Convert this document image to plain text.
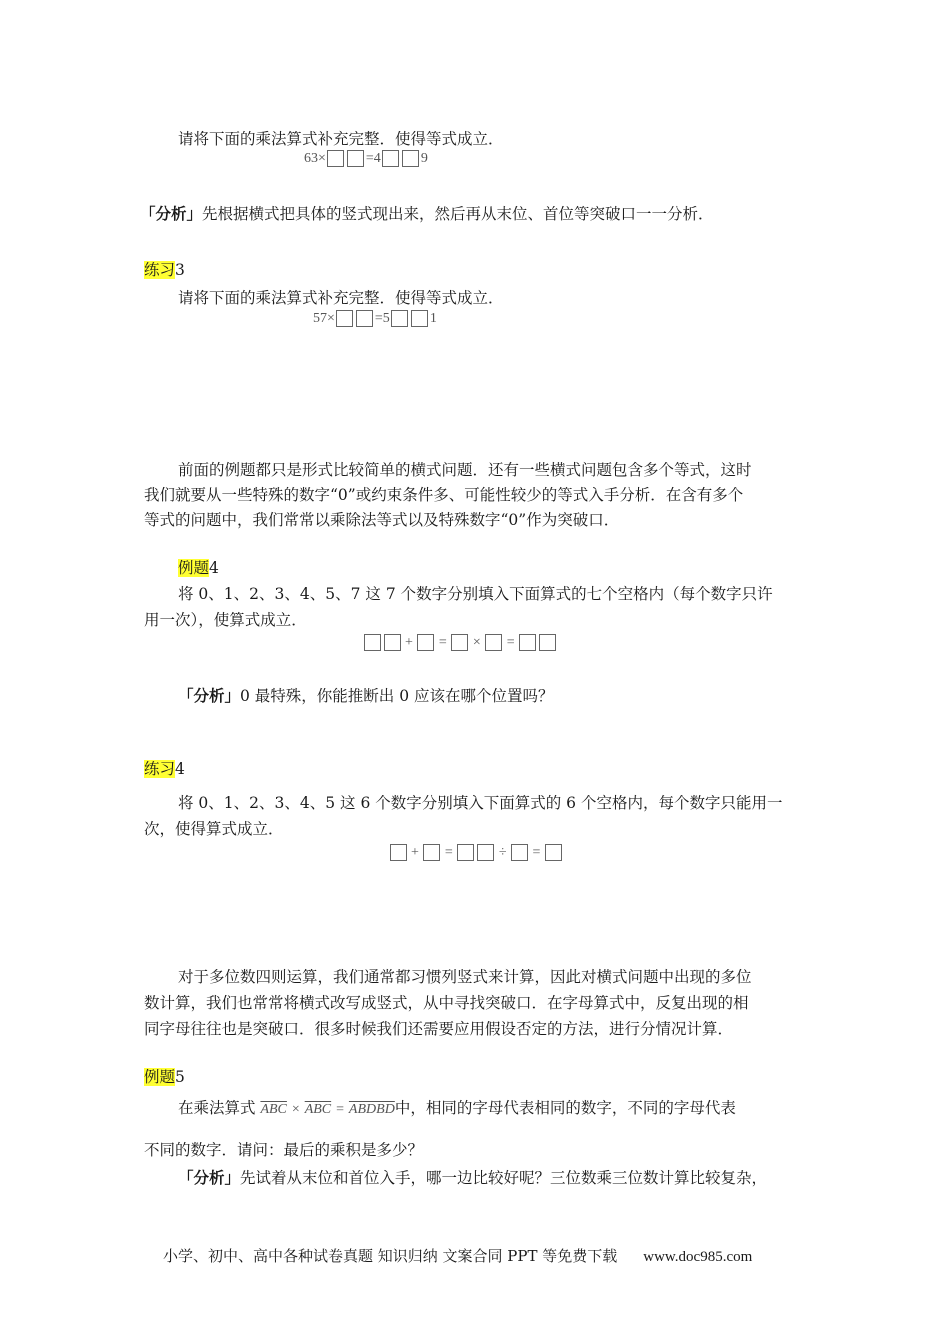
请将下面的乘法算式补充完整．使得等式成立．
63×	=4	9
「分析」先根据横式把具体的竖式现出来，然后再从末位、首位等突破口一一分析．
练习3
请将下面的乘法算式补充完整．使得等式成立．
57×	=5	1
前面的例题都只是形式比较简单的横式问题．还有一些横式问题包含多个等式，这时
我们就要从一些特殊的数字“0”或约束条件多、可能性较少的等式入手分析．在含有多个
等式的问题中，我们常常以乘除法等式以及特殊数字“0”作为突破口．
例题4
将 0、1、2、3、4、5、7 这 7 个数字分别填入下面算式的七个空格内（每个数字只许
用一次），使算式成立．
+ = × =
「分析」0 最特殊，你能推断出 0 应该在哪个位置吗？
练习4
将 0、1、2、3、4、5 这 6 个数字分别填入下面算式的 6 个空格内，每个数字只能用一
次，使得算式成立．
+ =	÷ =
对于多位数四则运算，我们通常都习惯列竖式来计算，因此对横式问题中出现的多位
数计算，我们也常常将横式改写成竖式，从中寻找突破口．在字母算式中，反复出现的相
同字母往往也是突破口．很多时候我们还需要应用假设否定的方法，进行分情况计算．
例题5
在乘法算式 $\overline{ABC} \times \overline{ABC}$ = ABDBD中，相同的字母代表相同的数字，不同的字母代表
不同的数字．请问：最后的乘积是多少？
「分析」先试着从末位和首位入手，哪一边比较好呢？三位数乘三位数计算比较复杂，
小学、初中、高中各种试卷真题 知识归纳 文案合同 PPT 等免费下载 www.doc985.com
